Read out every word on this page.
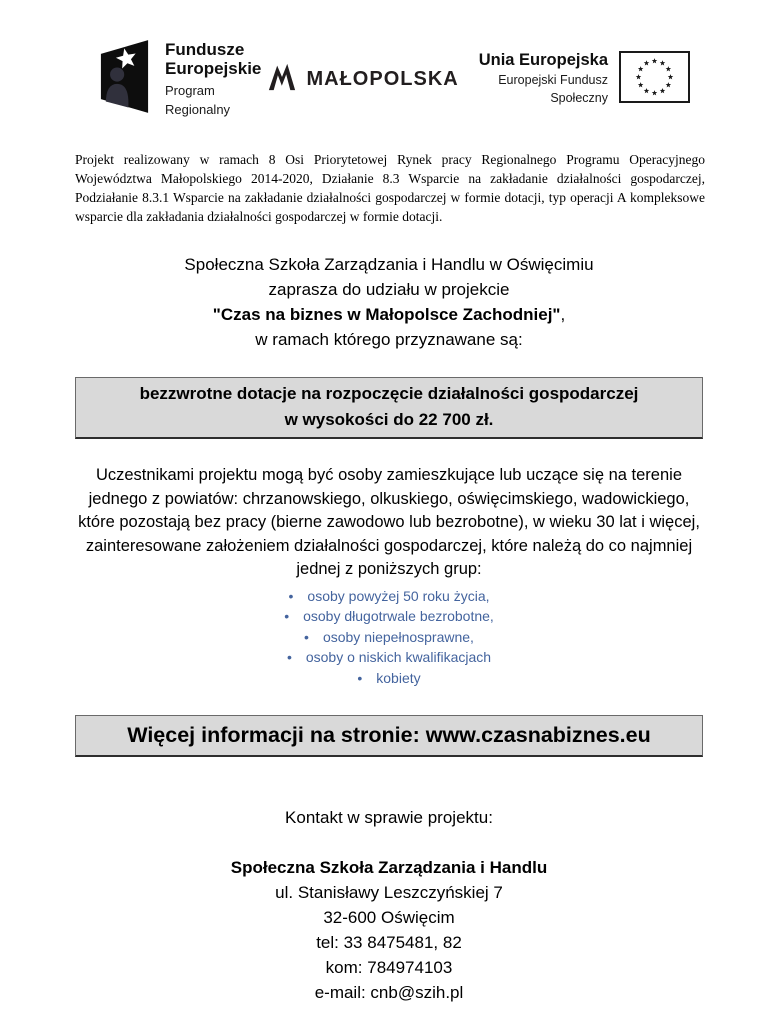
Fundusze
Europejskie
Program Regionalny
MAŁOPOLSKA
Unia Europejska
Europejski Fundusz Społeczny

Projekt realizowany w ramach 8 Osi Priorytetowej Rynek pracy Regionalnego Programu Operacyjnego Województwa Małopolskiego 2014-2020, Działanie 8.3 Wsparcie na zakładanie działalności gospodarczej, Podziałanie 8.3.1 Wsparcie na zakładanie działalności gospodarczej w formie dotacji, typ operacji A kompleksowe wsparcie dla zakładania działalności gospodarczej w formie dotacji.

Społeczna Szkoła Zarządzania i Handlu w Oświęcimiu
zaprasza do udziału w projekcie
"Czas na biznes w Małopolsce Zachodniej",
w ramach którego przyznawane są:
bezzwrotne dotacje na rozpoczęcie działalności gospodarczej
w wysokości do 22 700 zł.

Uczestnikami projektu mogą być osoby zamieszkujące lub uczące się na terenie jednego z powiatów: chrzanowskiego, olkuskiego, oświęcimskiego, wadowickiego, które pozostają bez pracy (bierne zawodowo lub bezrobotne), w wieku 30 lat i więcej, zainteresowane założeniem działalności gospodarczej, które należą do co najmniej jednej z poniższych grup:

• osoby powyżej 50 roku życia,
• osoby długotrwale bezrobotne,
• osoby niepełnosprawne,
• osoby o niskich kwalifikacjach
• kobiety
Więcej informacji na stronie: www.czasnabiznes.eu
Kontakt w sprawie projektu:
Społeczna Szkoła Zarządzania i Handlu
ul. Stanisławy Leszczyńskiej 7
32-600 Oświęcim
tel: 33 8475481, 82
kom: 784974103
e-mail: cnb@szih.pl
